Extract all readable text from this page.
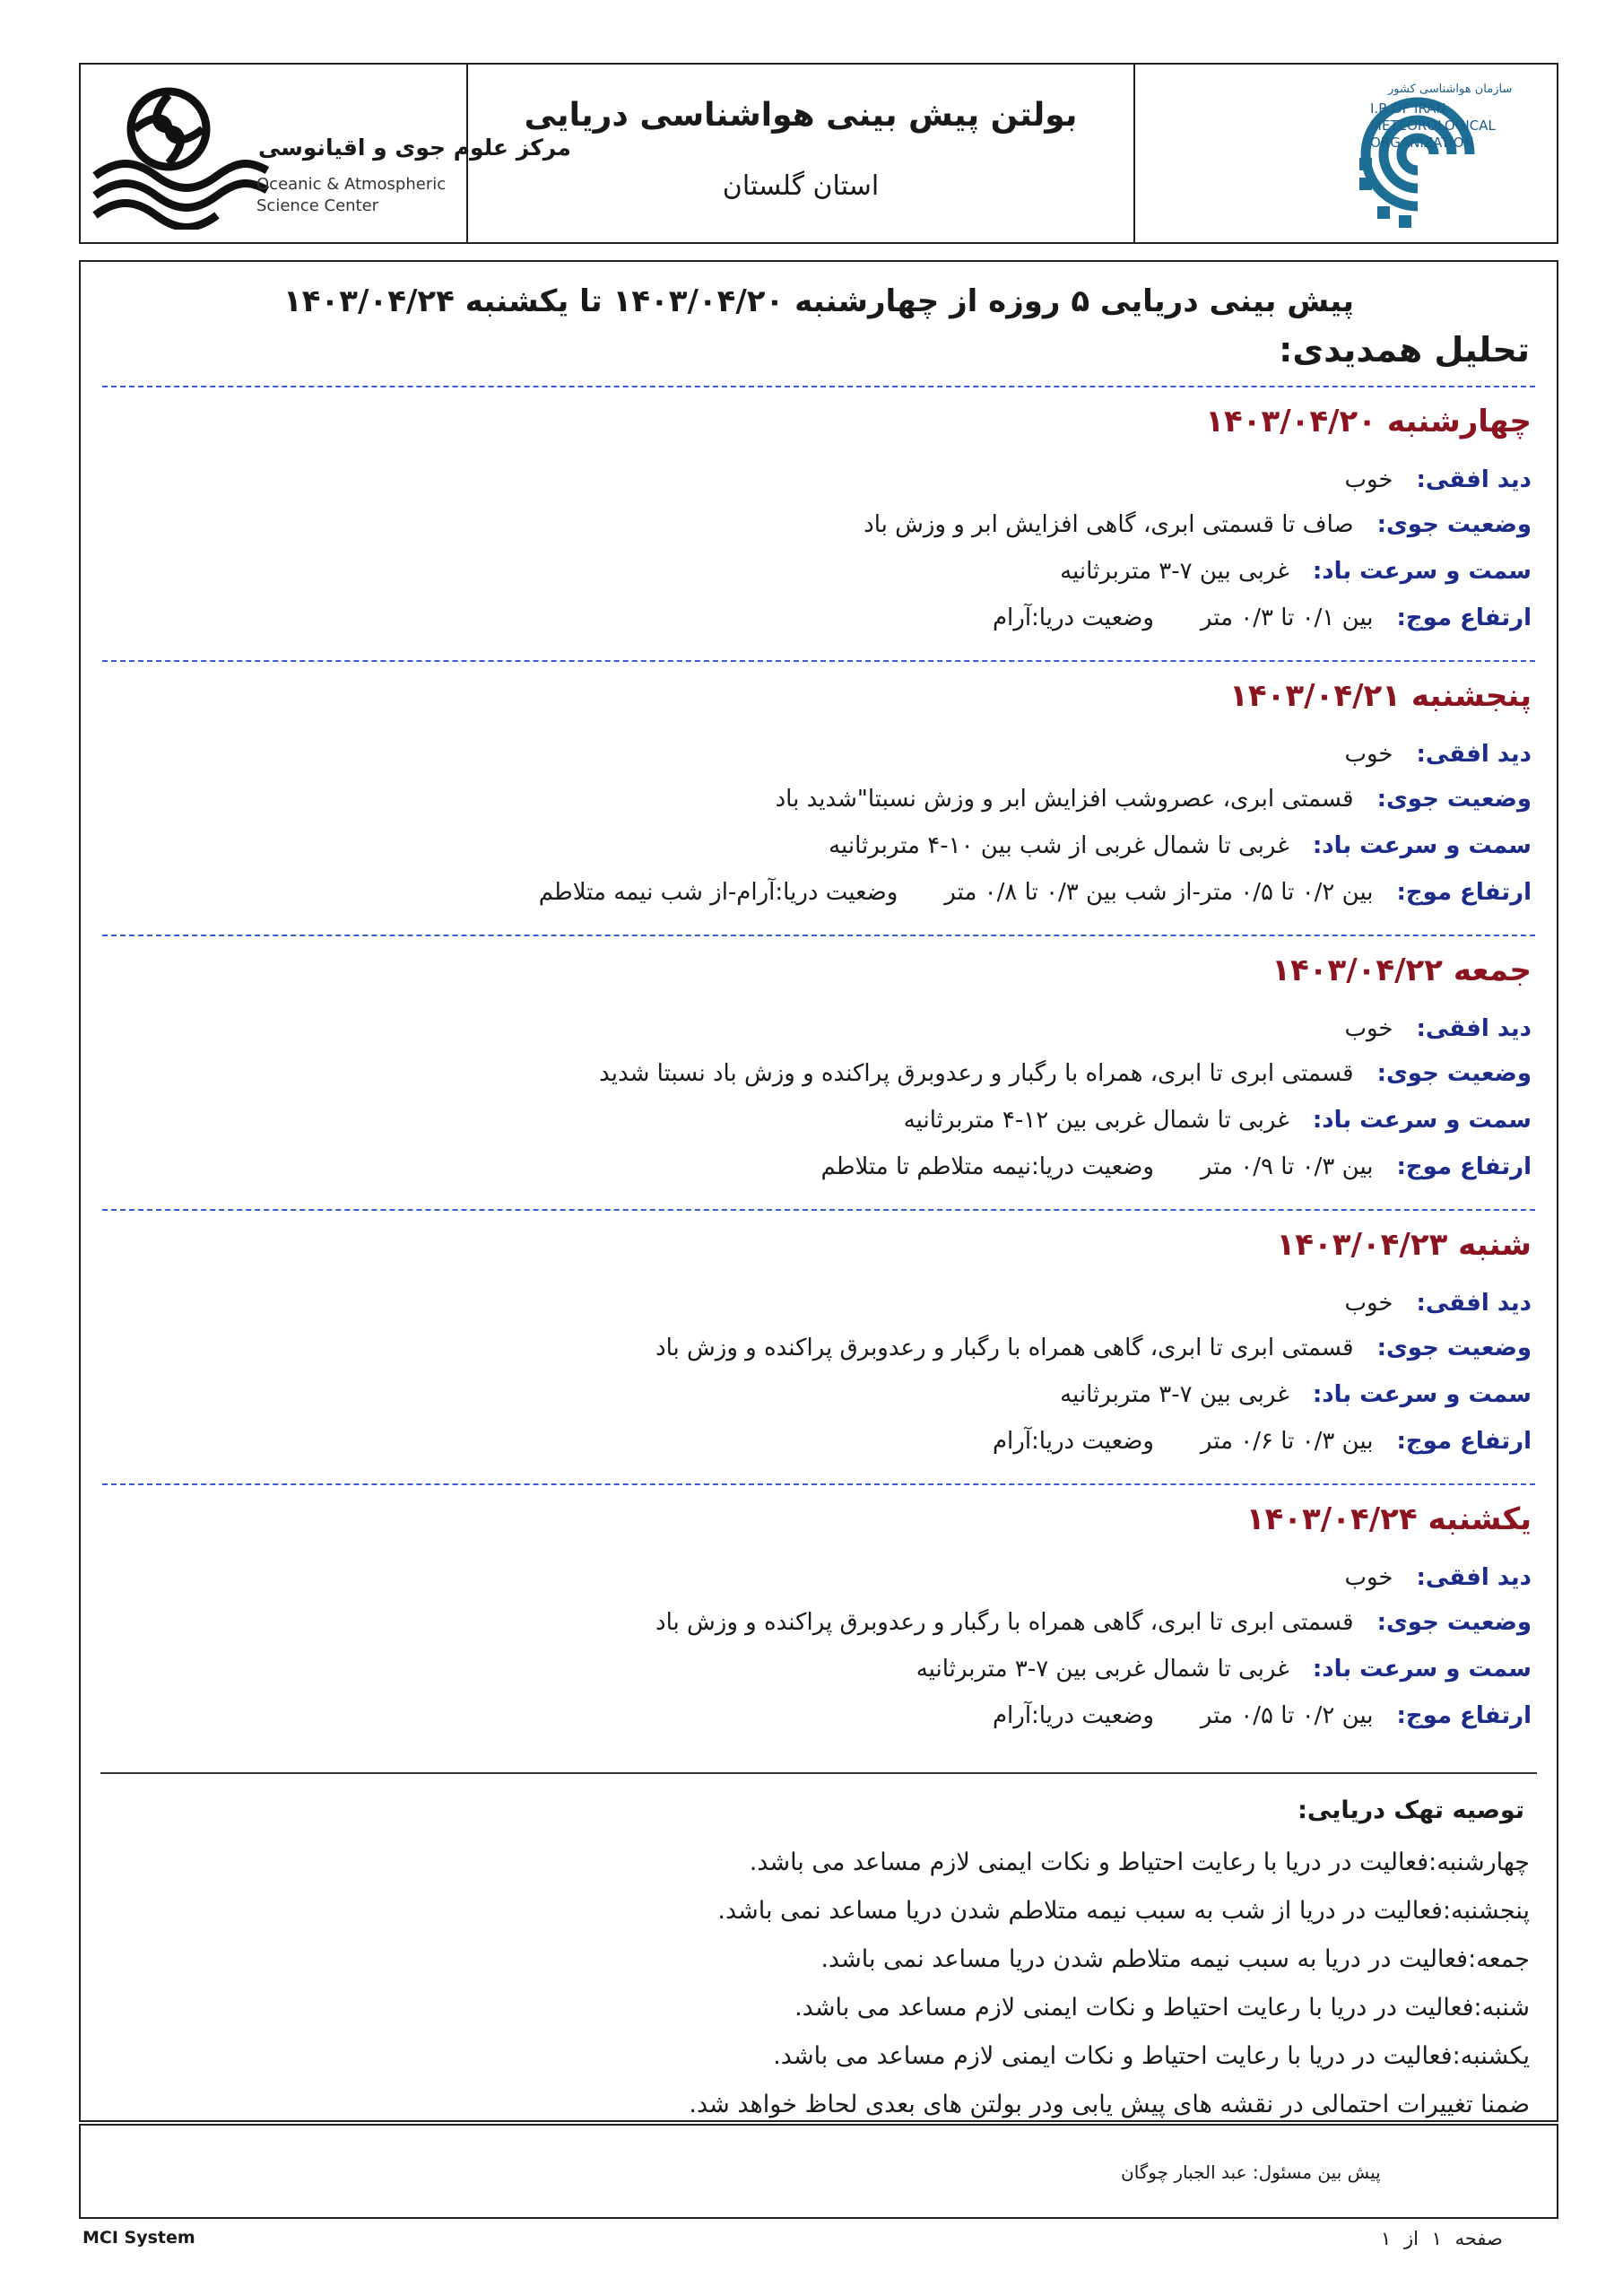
مرکز علوم جوی و اقیانوسی
Oceanic & Atmospheric
Science Center
بولتن پیش بینی هواشناسی دریایی
استان گلستان
سازمان هواشناسی کشور
I.R.OF IRAN
METEOROLOGICAL
ORGANIZATION
پیش بینی دریایی ۵ روزه از چهارشنبه ۱۴۰۳/۰۴/۲۰ تا یکشنبه ۱۴۰۳/۰۴/۲۴
تحلیل همدیدی:
چهارشنبه ۱۴۰۳/۰۴/۲۰
دید افقی:خوب
وضعیت جوی:صاف تا قسمتی ابری، گاهی افزایش ابر و وزش باد
سمت و سرعت باد:غربی بین ۷-۳ متربرثانیه
ارتفاع موج:بین ۰/۱ تا ۰/۳ متروضعیت دریا:آرام
پنجشنبه ۱۴۰۳/۰۴/۲۱
دید افقی:خوب
وضعیت جوی:قسمتی ابری، عصروشب افزایش ابر و وزش نسبتا"شدید باد
سمت و سرعت باد:غربی تا شمال غربی از شب بین ۱۰-۴ متربرثانیه
ارتفاع موج:بین ۰/۲ تا ۰/۵ متر-از شب بین ۰/۳ تا ۰/۸ متروضعیت دریا:آرام-از شب نیمه متلاطم
جمعه ۱۴۰۳/۰۴/۲۲
دید افقی:خوب
وضعیت جوی:قسمتی ابری تا ابری، همراه با رگبار و رعدوبرق پراکنده و وزش باد نسبتا شدید
سمت و سرعت باد:غربی تا شمال غربی بین ۱۲-۴ متربرثانیه
ارتفاع موج:بین ۰/۳ تا ۰/۹ متروضعیت دریا:نیمه متلاطم تا متلاطم
شنبه ۱۴۰۳/۰۴/۲۳
دید افقی:خوب
وضعیت جوی:قسمتی ابری تا ابری، گاهی همراه با رگبار و رعدوبرق پراکنده و وزش باد
سمت و سرعت باد:غربی بین ۷-۳ متربرثانیه
ارتفاع موج:بین ۰/۳ تا ۰/۶ متروضعیت دریا:آرام
یکشنبه ۱۴۰۳/۰۴/۲۴
دید افقی:خوب
وضعیت جوی:قسمتی ابری تا ابری، گاهی همراه با رگبار و رعدوبرق پراکنده و وزش باد
سمت و سرعت باد:غربی تا شمال غربی بین ۷-۳ متربرثانیه
ارتفاع موج:بین ۰/۲ تا ۰/۵ متروضعیت دریا:آرام
توصیه تهک دریایی:
چهارشنبه:فعالیت در دریا با رعایت احتیاط و نکات ایمنی لازم مساعد می باشد.
پنجشنبه:فعالیت در دریا از شب به سبب نیمه متلاطم شدن دریا مساعد نمی باشد.
جمعه:فعالیت در دریا به سبب نیمه متلاطم شدن دریا مساعد نمی باشد.
شنبه:فعالیت در دریا با رعایت احتیاط و نکات ایمنی لازم مساعد می باشد.
یکشنبه:فعالیت در دریا با رعایت احتیاط و نکات ایمنی لازم مساعد می باشد.
ضمنا تغییرات احتمالی در نقشه های پیش یابی ودر بولتن های بعدی لحاظ خواهد شد.
پیش بین مسئول: عبد الجبار چوگان
MCI System	صفحه ۱ از ۱
